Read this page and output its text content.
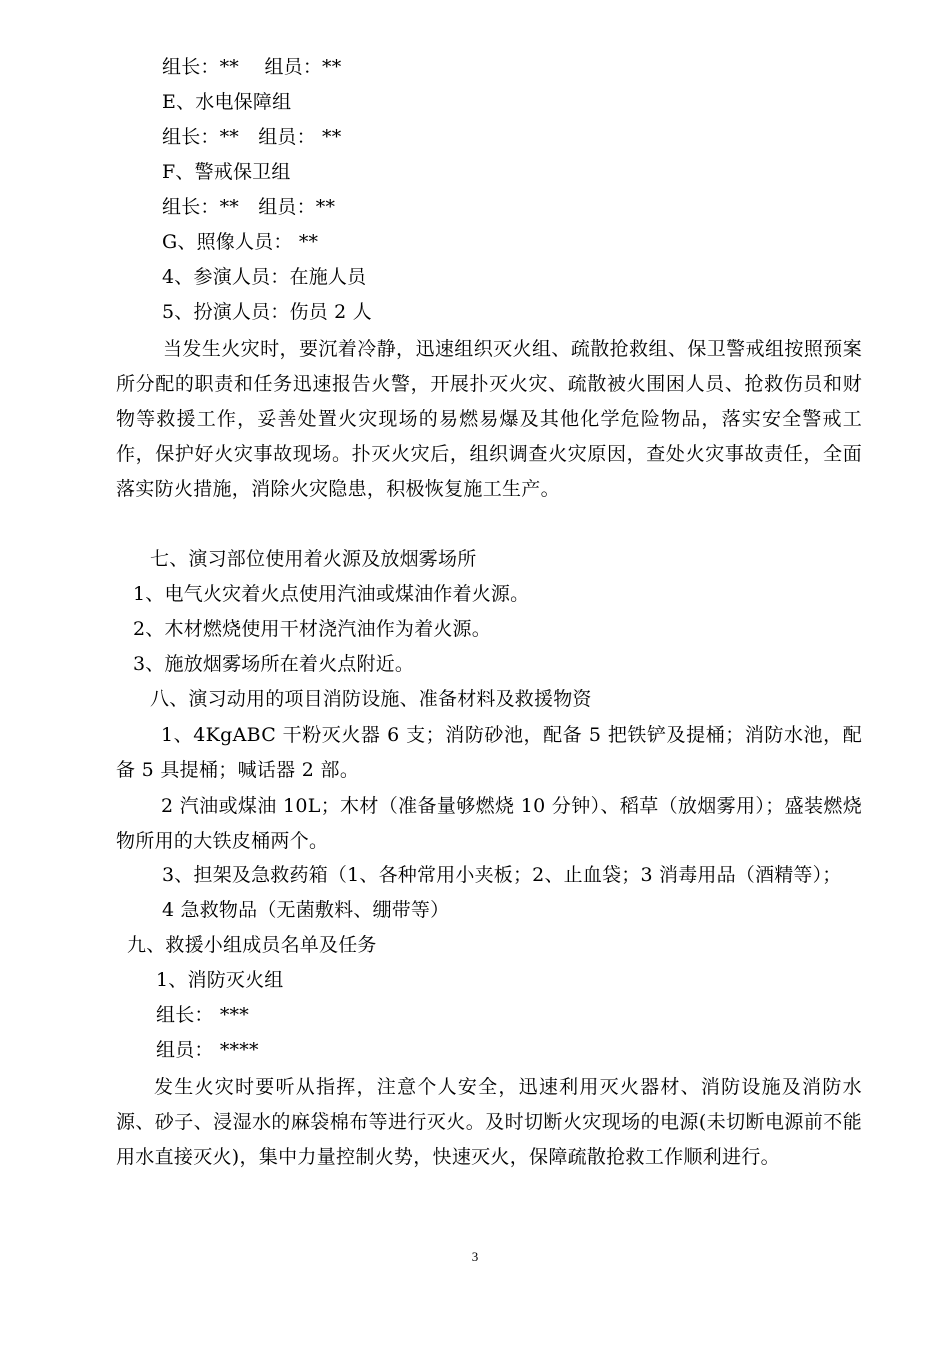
组长：**　 组员：**
E、水电保障组
组长：**　组员： **
F、警戒保卫组
组长：**　组员：**
G、照像人员： **
4、参演人员：在施人员
5、扮演人员：伤员 2 人
当发生火灾时，要沉着冷静，迅速组织灭火组、疏散抢救组、保卫警戒组按照预案所分配的职责和任务迅速报告火警，开展扑灭火灾、疏散被火围困人员、抢救伤员和财物等救援工作，妥善处置火灾现场的易燃易爆及其他化学危险物品，落实安全警戒工作，保护好火灾事故现场。扑灭火灾后，组织调查火灾原因，查处火灾事故责任，全面落实防火措施，消除火灾隐患，积极恢复施工生产。
七、演习部位使用着火源及放烟雾场所
1、电气火灾着火点使用汽油或煤油作着火源。
2、木材燃烧使用干材浇汽油作为着火源。
3、施放烟雾场所在着火点附近。
八、演习动用的项目消防设施、准备材料及救援物资
1、4KgABC 干粉灭火器 6 支；消防砂池，配备 5 把铁铲及提桶；消防水池，配备 5 具提桶；喊话器 2 部。
2 汽油或煤油 10L；木材（准备量够燃烧 10 分钟）、稻草（放烟雾用）；盛装燃烧物所用的大铁皮桶两个。
3、担架及急救药箱（1、各种常用小夹板；2、止血袋；3 消毒用品（酒精等）；
4 急救物品（无菌敷料、绷带等）
九、救援小组成员名单及任务
1、消防灭火组
组长： ***
组员： ****
发生火灾时要听从指挥，注意个人安全，迅速利用灭火器材、消防设施及消防水源、砂子、浸湿水的麻袋棉布等进行灭火。及时切断火灾现场的电源(未切断电源前不能用水直接灭火)，集中力量控制火势，快速灭火，保障疏散抢救工作顺利进行。
3
